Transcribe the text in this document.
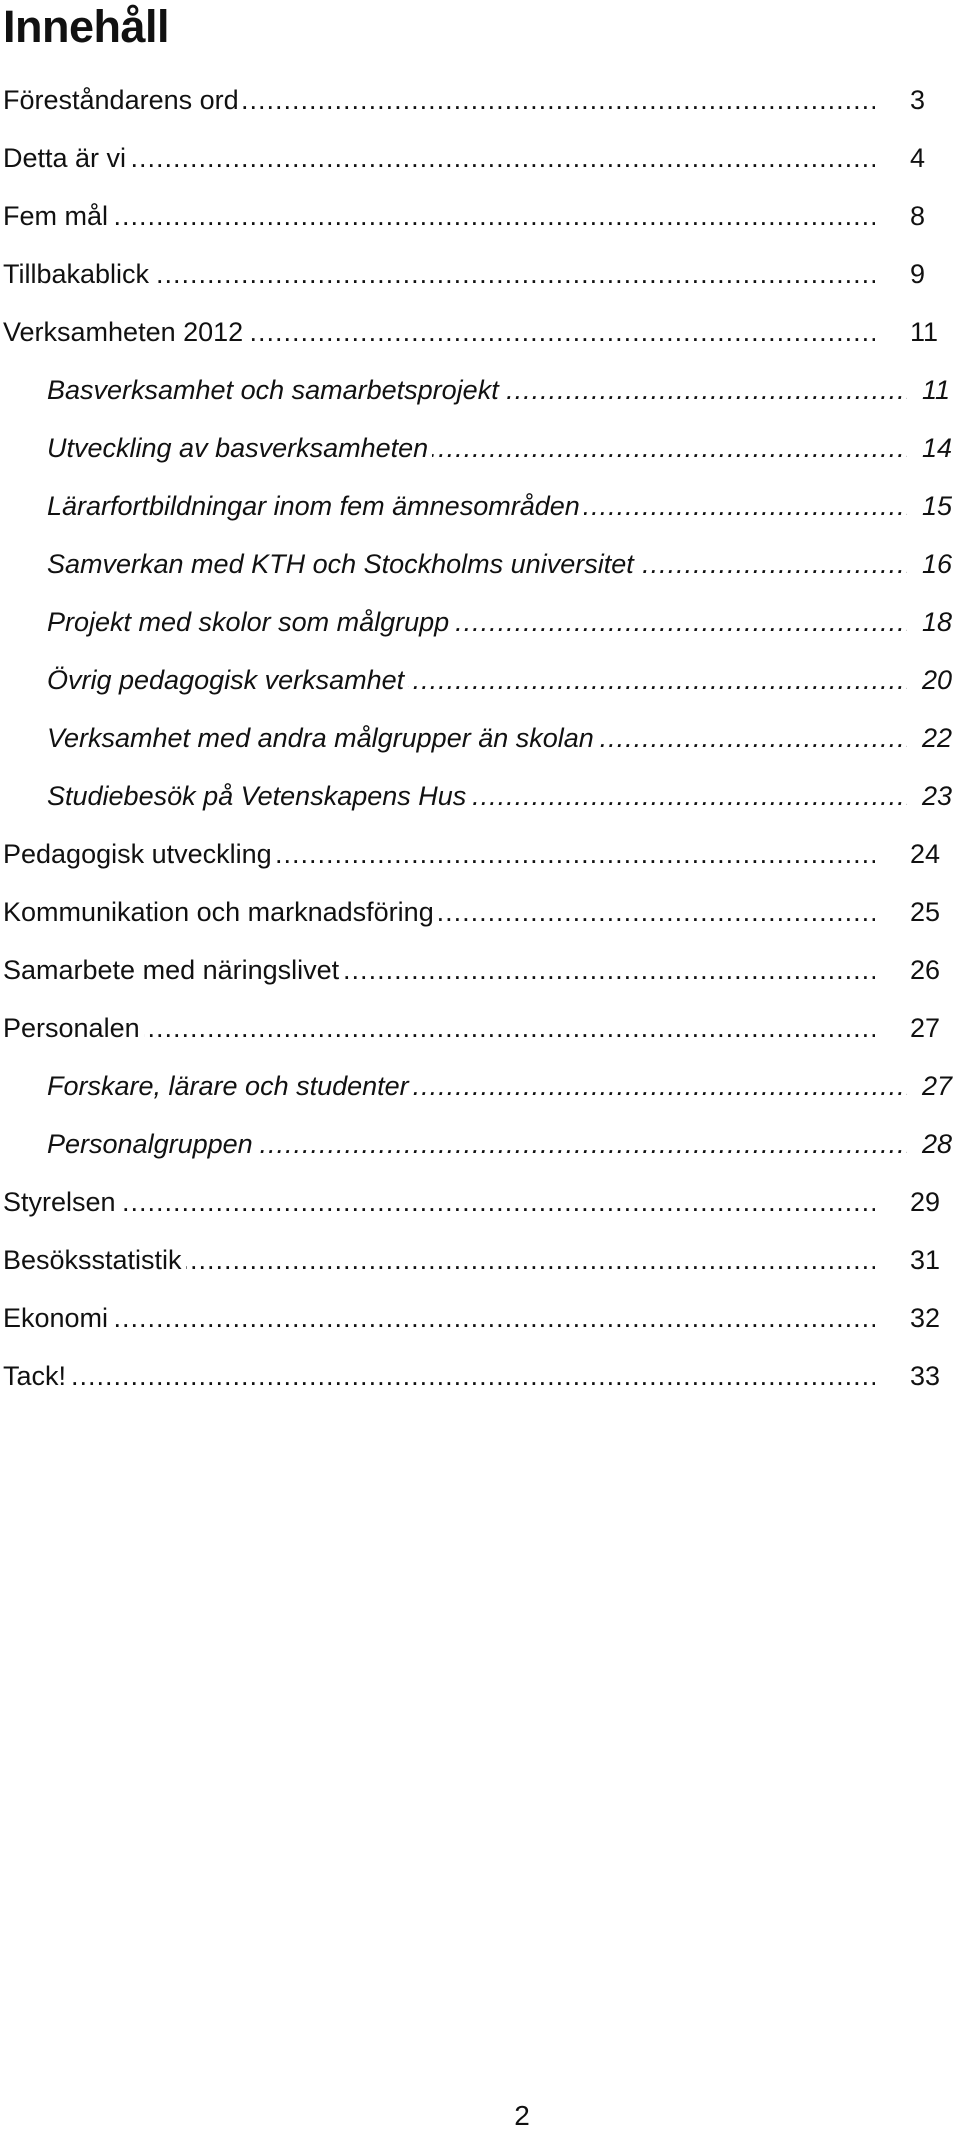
Innehåll
Föreståndarens ord .....	3
Detta är vi .....	4
Fem mål .....	8
Tillbakablick .....	9
Verksamheten 2012 .....	11
Basverksamhet och samarbetsprojekt .....	11
Utveckling av basverksamheten .....	14
Lärarfortbildningar inom fem ämnesområden .....	15
Samverkan med KTH och Stockholms universitet .....	16
Projekt med skolor som målgrupp .....	18
Övrig pedagogisk verksamhet .....	20
Verksamhet med andra målgrupper än skolan .....	22
Studiebesök på Vetenskapens Hus .....	23
Pedagogisk utveckling .....	24
Kommunikation och marknadsföring .....	25
Samarbete med näringslivet .....	26
Personalen .....	27
Forskare, lärare och studenter .....	27
Personalgruppen .....	28
Styrelsen .....	29
Besöksstatistik .....	31
Ekonomi .....	32
Tack! .....	33
2
